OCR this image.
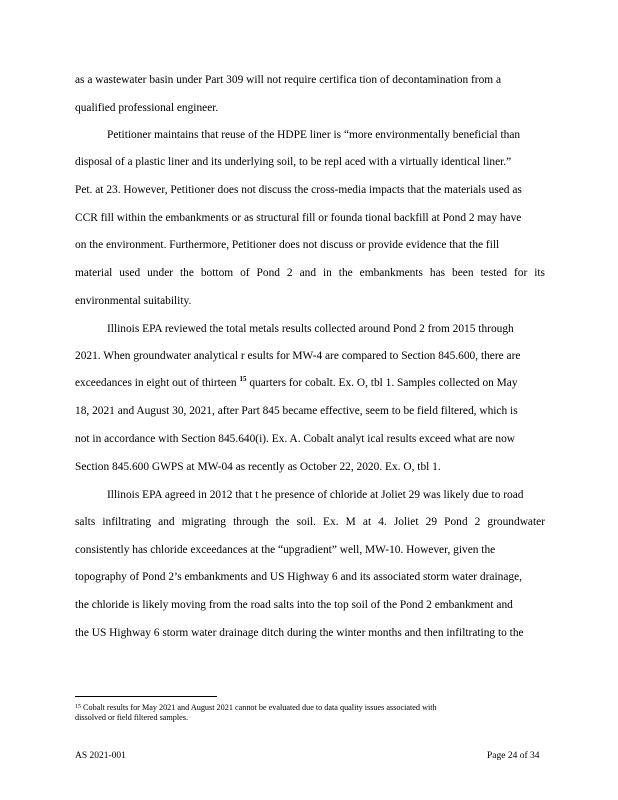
as a wastewater basin under Part 309 will not require certifica tion of decontamination from a
qualified professional engineer.
Petitioner maintains that reuse of the HDPE liner is “more environmentally beneficial than
disposal of a plastic liner and its underlying soil, to be repl aced with a virtually identical liner.”
Pet. at 23. However, Petitioner does not discuss the cross-media impacts that the materials used as
CCR fill within the embankments or as structural fill or founda tional backfill at Pond 2 may have
on the environment. Furthermore, Petitioner does not discuss or provide evidence that the fill
material used under the bottom of Pond 2 and in the embankments has been tested for its
environmental suitability.
Illinois EPA reviewed the total metals results collected around Pond 2 from 2015 through
2021. When groundwater analytical r esults for MW-4 are compared to Section 845.600, there are
exceedances in eight out of thirteen $^{15}$ quarters for cobalt. Ex. O, tbl 1. Samples collected on May
18, 2021 and August 30, 2021, after Part 845 became effective, seem to be field filtered, which is
not in accordance with Section 845.640(i). Ex. A. Cobalt analyt ical results exceed what are now
Section 845.600 GWPS at MW-04 as recently as October 22, 2020. Ex. O, tbl 1.
Illinois EPA agreed in 2012 that t he presence of chloride at Joliet 29 was likely due to road
salts infiltrating and migrating through the soil. Ex. M at 4. Joliet 29 Pond 2 groundwater
consistently has chloride exceedances at the “upgradient” well, MW-10. However, given the
topography of Pond 2’s embankments and US Highway 6 and its associated storm water drainage,
the chloride is likely moving from the road salts into the top soil of the Pond 2 embankment and
the US Highway 6 storm water drainage ditch during the winter months and then infiltrating to the
$^{15}$ Cobalt results for May 2021 and August 2021 cannot be evaluated due to data quality issues associated with
dissolved or field filtered samples.
AS 2021-001	Page 24 of 34
